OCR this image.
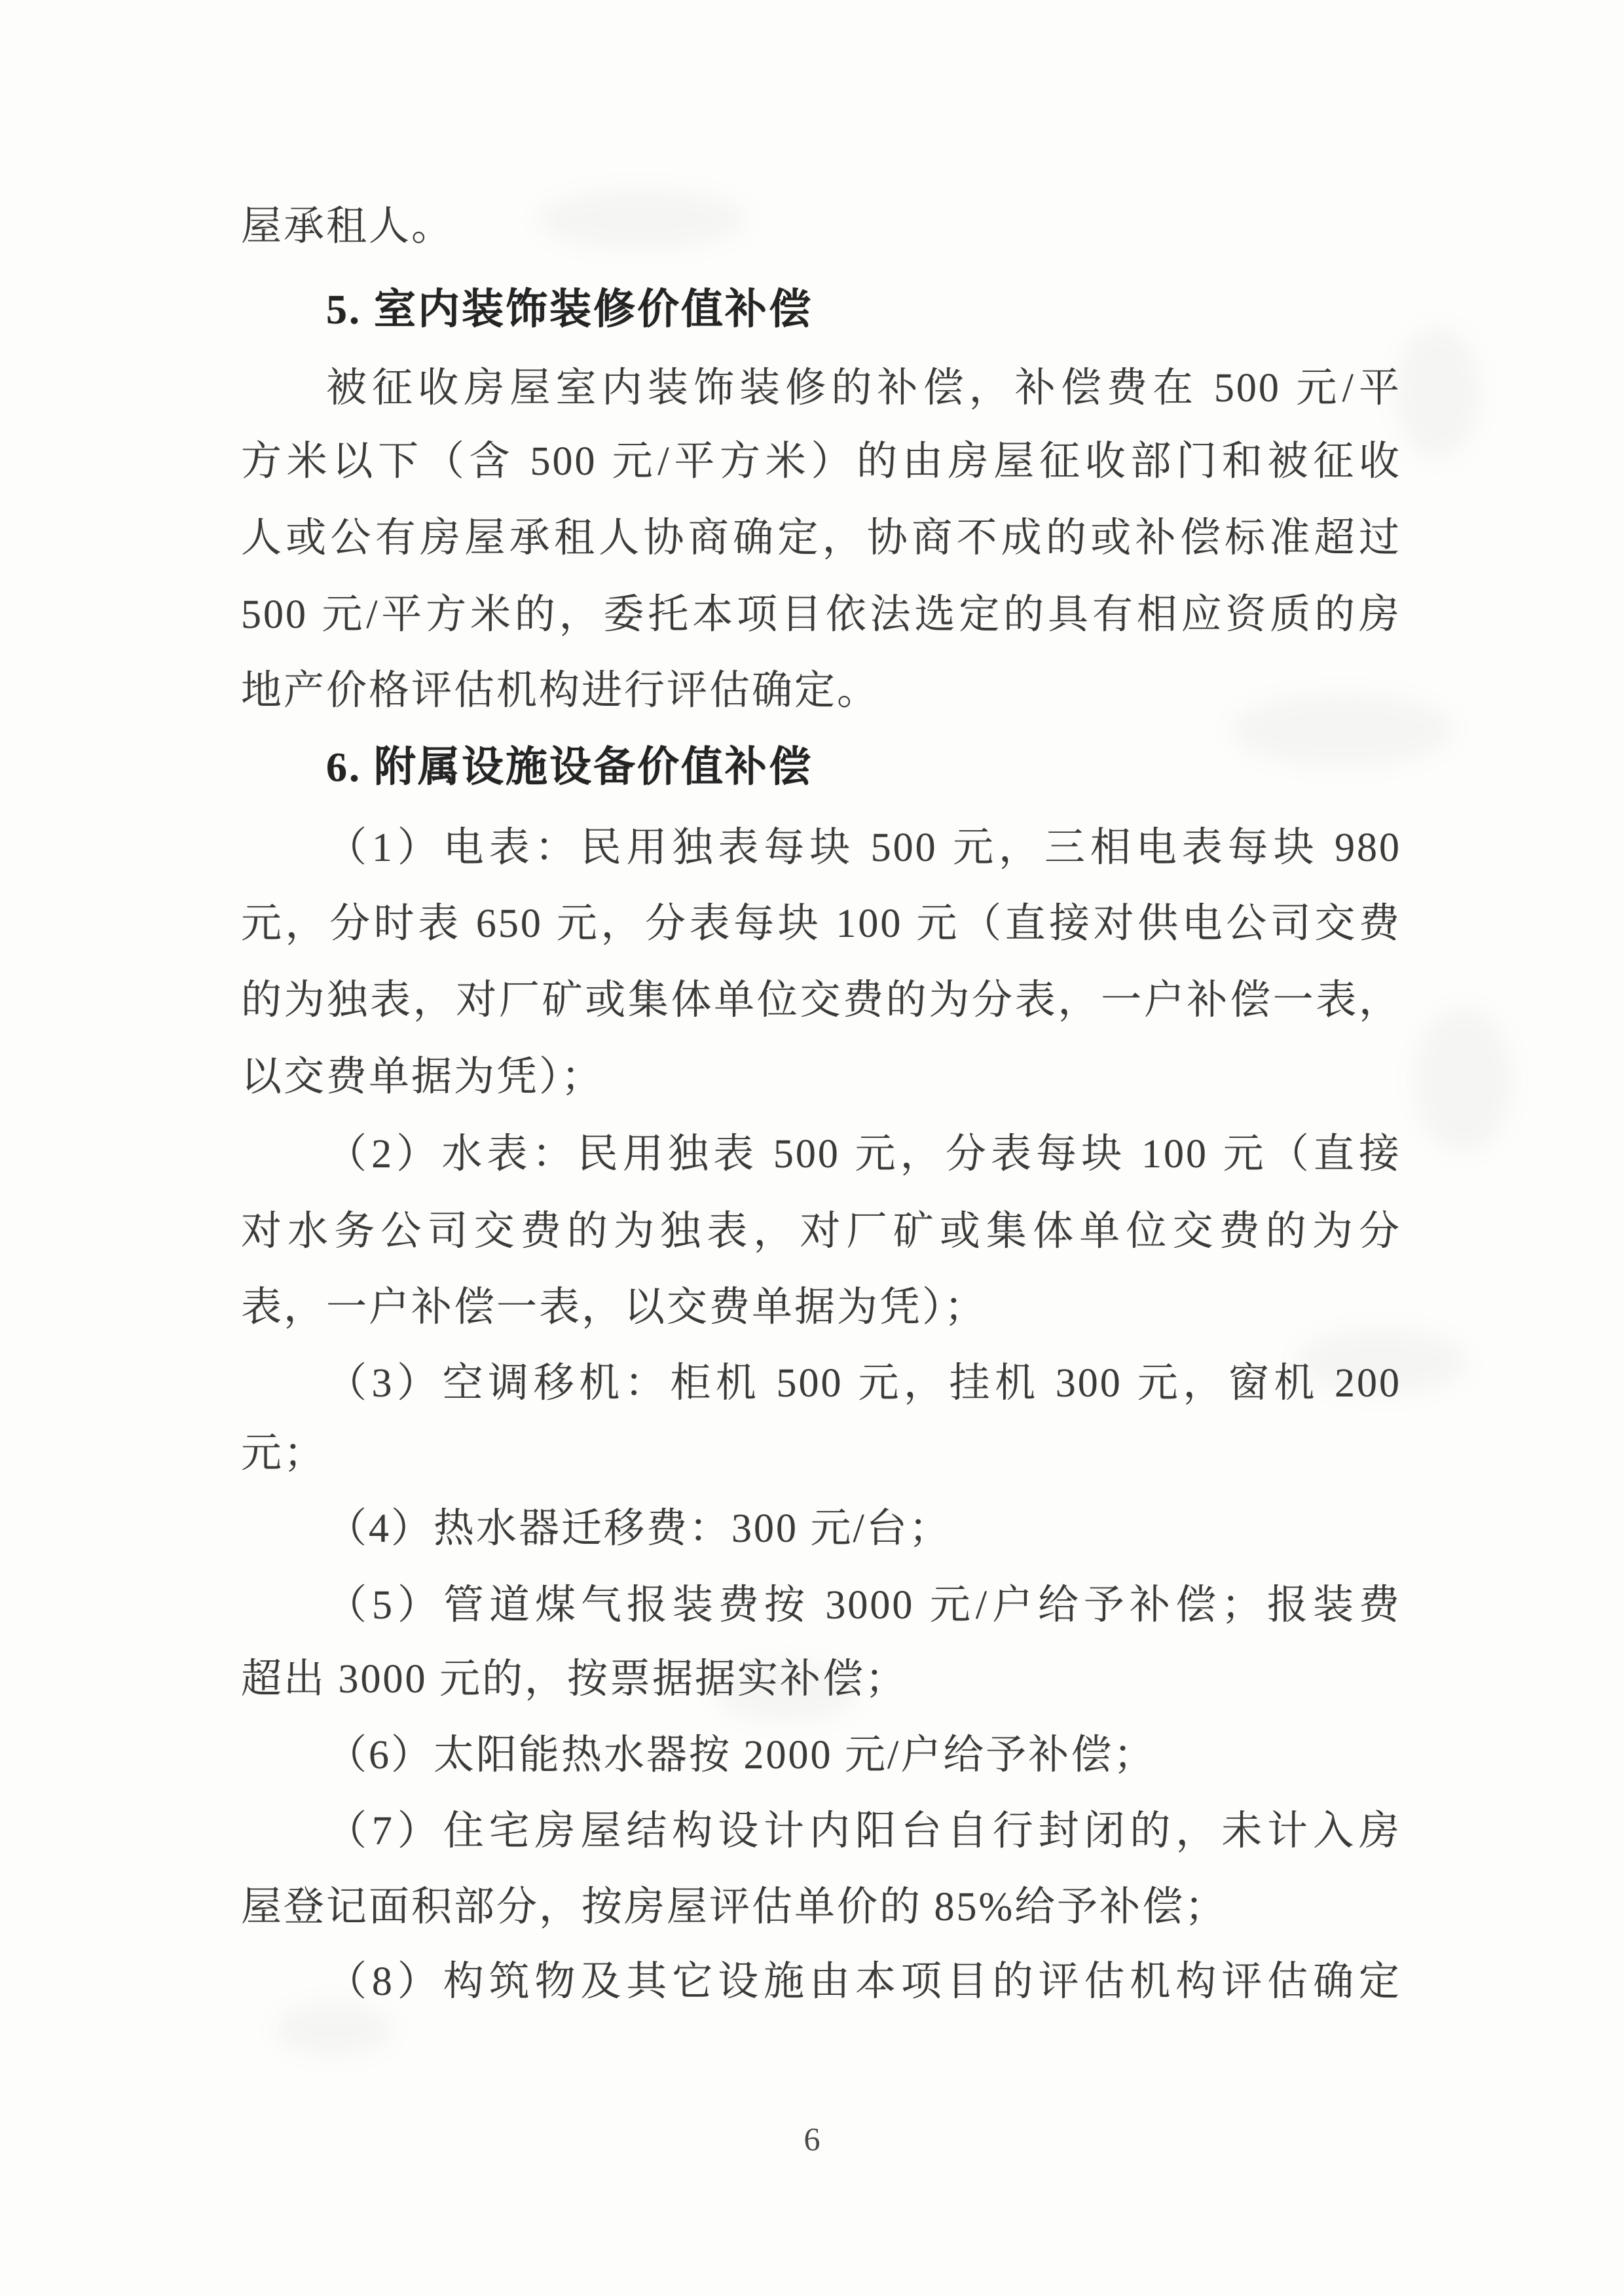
屋承租人。
5. 室内装饰装修价值补偿
被征收房屋室内装饰装修的补偿，补偿费在 500 元/平
方米以下（含 500 元/平方米）的由房屋征收部门和被征收
人或公有房屋承租人协商确定，协商不成的或补偿标准超过
500 元/平方米的，委托本项目依法选定的具有相应资质的房
地产价格评估机构进行评估确定。
6. 附属设施设备价值补偿
（1）电表：民用独表每块 500 元，三相电表每块 980
元，分时表 650 元，分表每块 100 元（直接对供电公司交费
的为独表，对厂矿或集体单位交费的为分表，一户补偿一表，
以交费单据为凭）；
（2）水表：民用独表 500 元，分表每块 100 元（直接
对水务公司交费的为独表，对厂矿或集体单位交费的为分
表，一户补偿一表，以交费单据为凭）；
（3）空调移机：柜机 500 元，挂机 300 元，窗机 200
元；
（4）热水器迁移费：300 元/台；
（5）管道煤气报装费按 3000 元/户给予补偿；报装费
超出 3000 元的，按票据据实补偿；
（6）太阳能热水器按 2000 元/户给予补偿；
（7）住宅房屋结构设计内阳台自行封闭的，未计入房
屋登记面积部分，按房屋评估单价的 85%给予补偿；
（8）构筑物及其它设施由本项目的评估机构评估确定
6
